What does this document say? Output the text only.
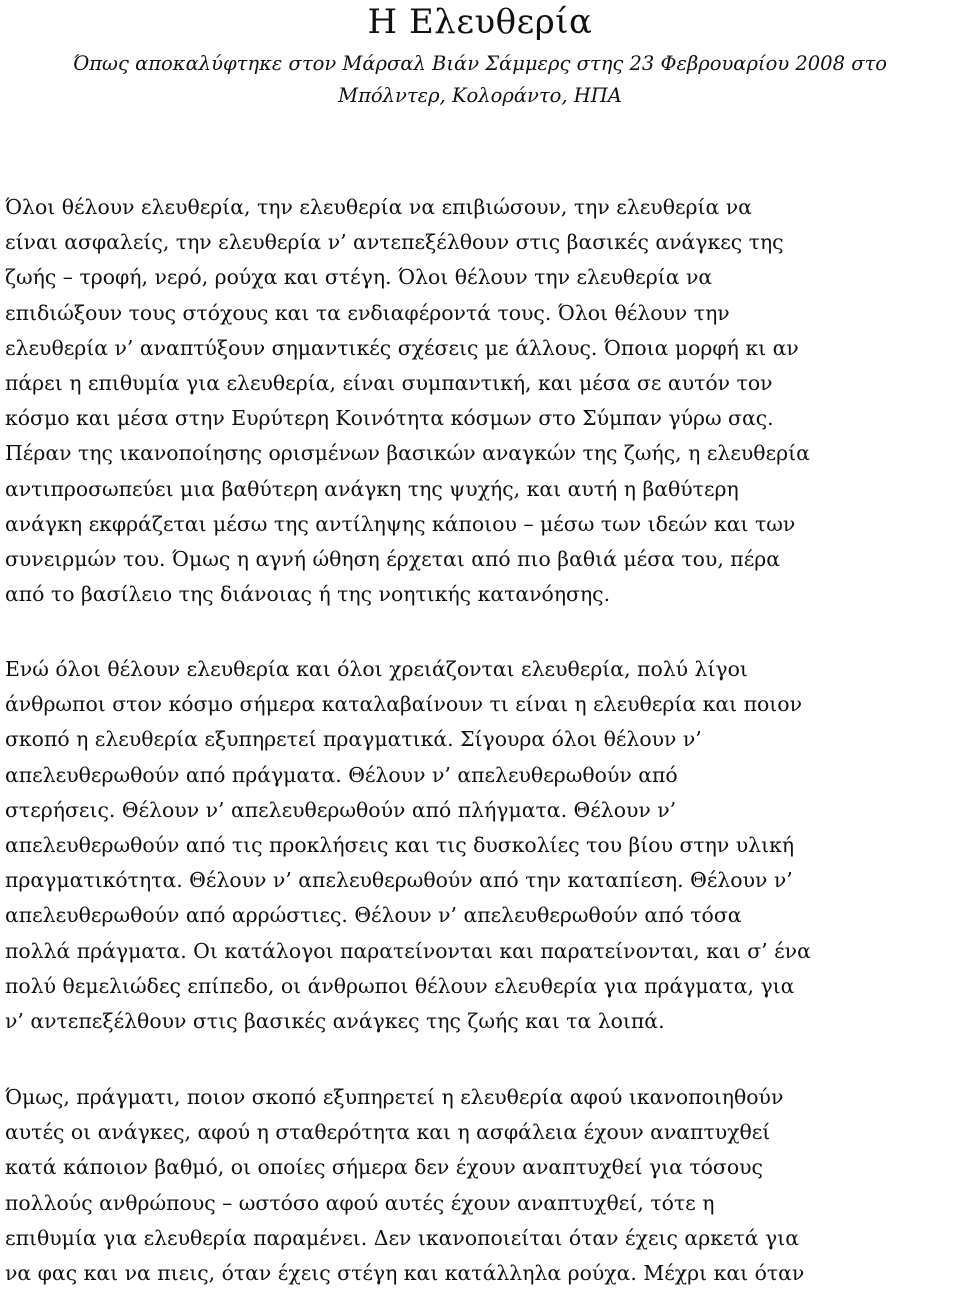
Η Ελευθερία
Όπως αποκαλύφτηκε στον Μάρσαλ Βιάν Σάμμερς στης 23 Φεβρουαρίου 2008 στο
Μπόλντερ, Κολοράντο, ΗΠΑ

Όλοι θέλουν ελευθερία, την ελευθερία να επιβιώσουν, την ελευθερία να
είναι ασφαλείς, την ελευθερία ν’ αντεπεξέλθουν στις βασικές ανάγκες της
ζωής – τροφή, νερό, ρούχα και στέγη. Όλοι θέλουν την ελευθερία να
επιδιώξουν τους στόχους και τα ενδιαφέροντά τους. Όλοι θέλουν την
ελευθερία ν’ αναπτύξουν σημαντικές σχέσεις με άλλους. Όποια μορφή κι αν
πάρει η επιθυμία για ελευθερία, είναι συμπαντική, και μέσα σε αυτόν τον
κόσμο και μέσα στην Ευρύτερη Κοινότητα κόσμων στο Σύμπαν γύρω σας.
Πέραν της ικανοποίησης ορισμένων βασικών αναγκών της ζωής, η ελευθερία
αντιπροσωπεύει μια βαθύτερη ανάγκη της ψυχής, και αυτή η βαθύτερη
ανάγκη εκφράζεται μέσω της αντίληψης κάποιου – μέσω των ιδεών και των
συνειρμών του. Όμως η αγνή ώθηση έρχεται από πιο βαθιά μέσα του, πέρα
από το βασίλειο της διάνοιας ή της νοητικής κατανόησης.

Ενώ όλοι θέλουν ελευθερία και όλοι χρειάζονται ελευθερία, πολύ λίγοι
άνθρωποι στον κόσμο σήμερα καταλαβαίνουν τι είναι η ελευθερία και ποιον
σκοπό η ελευθερία εξυπηρετεί πραγματικά. Σίγουρα όλοι θέλουν ν’
απελευθερωθούν από πράγματα. Θέλουν ν’ απελευθερωθούν από
στερήσεις. Θέλουν ν’ απελευθερωθούν από πλήγματα. Θέλουν ν’
απελευθερωθούν από τις προκλήσεις και τις δυσκολίες του βίου στην υλική
πραγματικότητα. Θέλουν ν’ απελευθερωθούν από την καταπίεση. Θέλουν ν’
απελευθερωθούν από αρρώστιες. Θέλουν ν’ απελευθερωθούν από τόσα
πολλά πράγματα. Οι κατάλογοι παρατείνονται και παρατείνονται, και σ’ ένα
πολύ θεμελιώδες επίπεδο, οι άνθρωποι θέλουν ελευθερία για πράγματα, για
ν’ αντεπεξέλθουν στις βασικές ανάγκες της ζωής και τα λοιπά.

Όμως, πράγματι, ποιον σκοπό εξυπηρετεί η ελευθερία αφού ικανοποιηθούν
αυτές οι ανάγκες, αφού η σταθερότητα και η ασφάλεια έχουν αναπτυχθεί
κατά κάποιον βαθμό, οι οποίες σήμερα δεν έχουν αναπτυχθεί για τόσους
πολλούς ανθρώπους – ωστόσο αφού αυτές έχουν αναπτυχθεί, τότε η
επιθυμία για ελευθερία παραμένει. Δεν ικανοποιείται όταν έχεις αρκετά για
να φας και να πιεις, όταν έχεις στέγη και κατάλληλα ρούχα. Μέχρι και όταν
